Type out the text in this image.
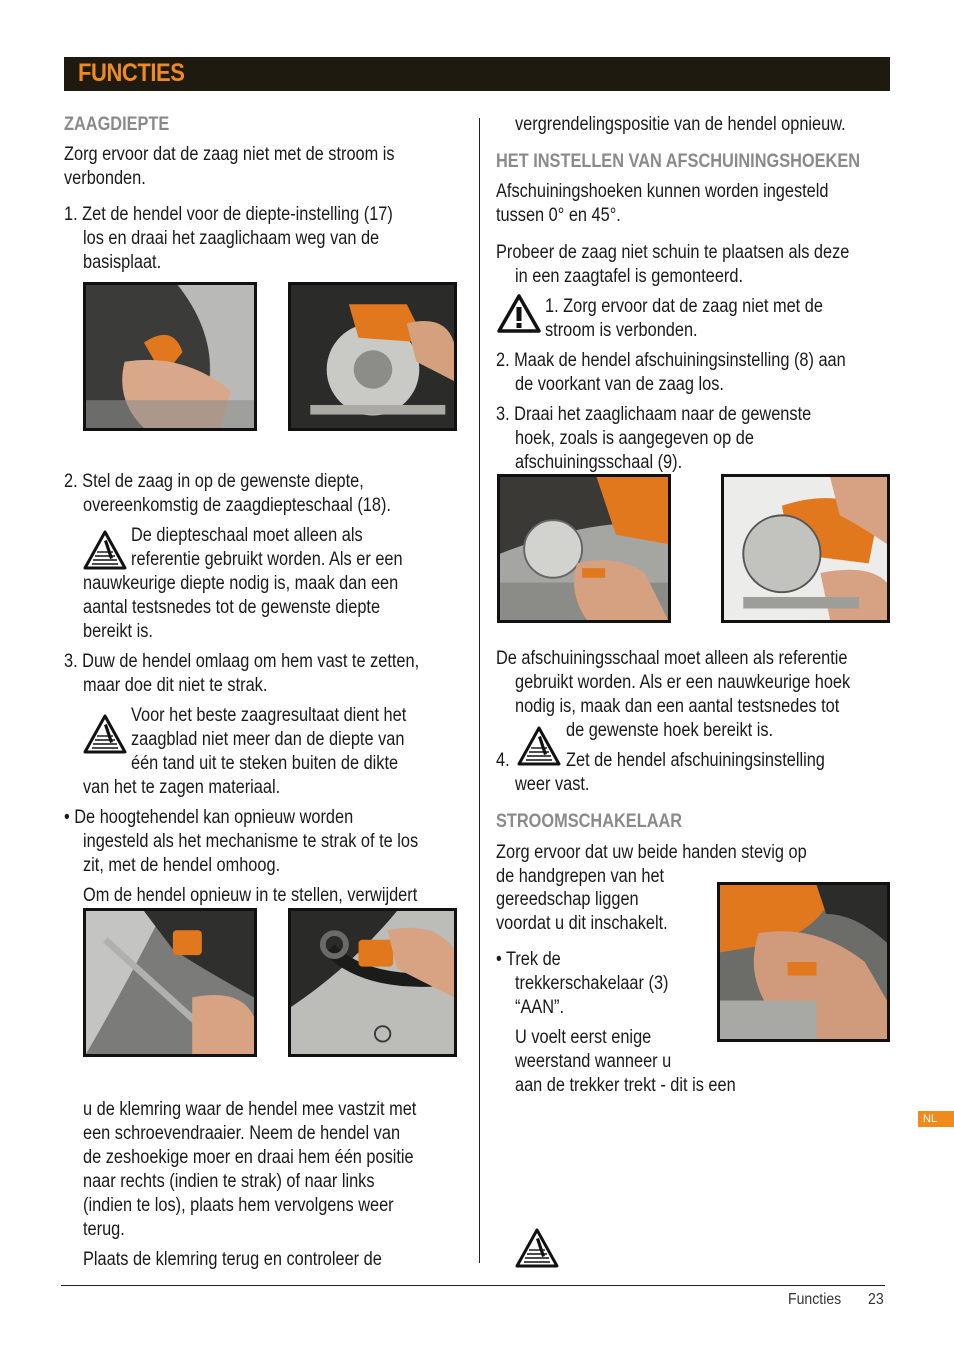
FUNCTIES
ZAAGDIEPTE
Zorg ervoor dat de zaag niet met de stroom is
verbonden.
1. Zet de hendel voor de diepte-instelling (17)
los en draai het zaaglichaam weg van de
basisplaat.
2. Stel de zaag in op de gewenste diepte,
overeenkomstig de zaagdiepteschaal (18).
De diepteschaal moet alleen als
referentie gebruikt worden. Als er een
nauwkeurige diepte nodig is, maak dan een
aantal testsnedes tot de gewenste diepte
bereikt is.
3. Duw de hendel omlaag om hem vast te zetten,
maar doe dit niet te strak.
Voor het beste zaagresultaat dient het
zaagblad niet meer dan de diepte van
één tand uit te steken buiten de dikte
van het te zagen materiaal.
• De hoogtehendel kan opnieuw worden
ingesteld als het mechanisme te strak of te los
zit, met de hendel omhoog.
Om de hendel opnieuw in te stellen, verwijdert
u de klemring waar de hendel mee vastzit met
een schroevendraaier. Neem de hendel van
de zeshoekige moer en draai hem één positie
naar rechts (indien te strak) of naar links
(indien te los), plaats hem vervolgens weer
terug.
Plaats de klemring terug en controleer de
vergrendelingspositie van de hendel opnieuw.
HET INSTELLEN VAN AFSCHUININGSHOEKEN
Afschuiningshoeken kunnen worden ingesteld
tussen 0° en 45°.
Probeer de zaag niet schuin te plaatsen als deze
in een zaagtafel is gemonteerd.
1. Zorg ervoor dat de zaag niet met de
stroom is verbonden.
2. Maak de hendel afschuiningsinstelling (8) aan
de voorkant van de zaag los.
3. Draai het zaaglichaam naar de gewenste
hoek, zoals is aangegeven op de
afschuiningsschaal (9).
De afschuiningsschaal moet alleen als referentie
gebruikt worden. Als er een nauwkeurige hoek
nodig is, maak dan een aantal testsnedes tot
de gewenste hoek bereikt is.
4.	Zet de hendel afschuiningsinstelling
weer vast.
STROOMSCHAKELAAR
Zorg ervoor dat uw beide handen stevig op
de handgrepen van het
gereedschap liggen
voordat u dit inschakelt.
• Trek de
trekkerschakelaar (3)
“AAN”.
U voelt eerst enige
weerstand wanneer u
aan de trekker trekt - dit is een
NL
Functies 23
